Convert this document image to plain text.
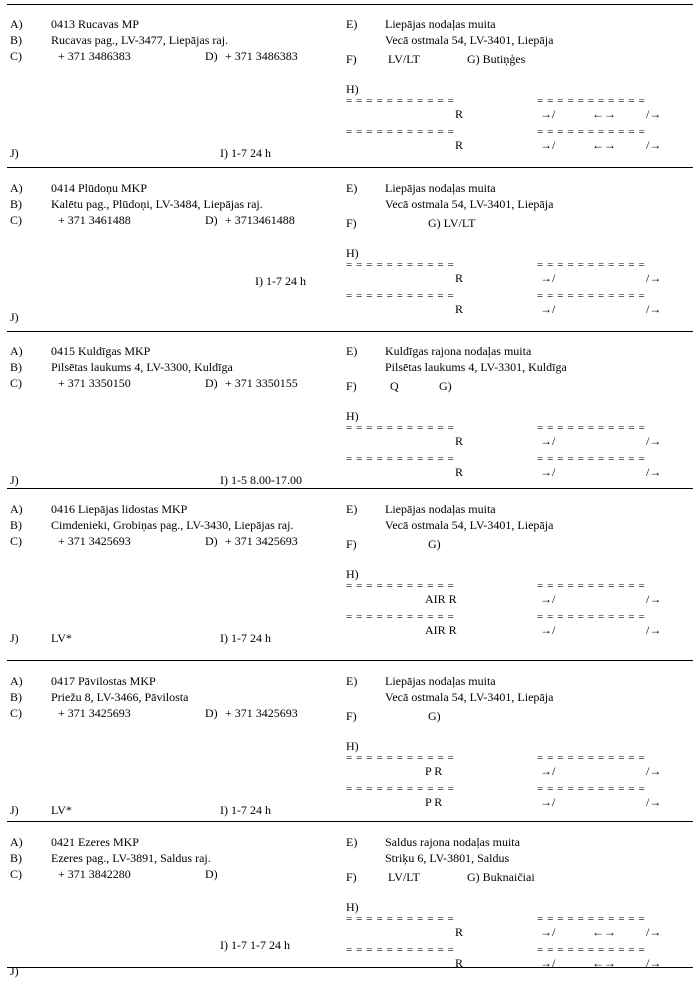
A) 0413 Rucavas MP
B) Rucavas pag., LV-3477, Liepājas raj.
C)	+ 371 3486383	D) + 371 3486383
J)	I) 1-7 24 h
E) Liepājas nodaļas muita
Vecā ostmala 54, LV-3401, Liepāja
F)	LV/LT	G) Butiņģes
H)
= = = = = = = = = = =	= = = = = = = = = = =
R	→/	←→	/→
= = = = = = = = = = =	= = = = = = = = = = =
R	→/	←→	/→
A) 0414 Plūdoņu MKP
B) Kalētu pag., Plūdoņi, LV-3484, Liepājas raj.
C)	+ 371 3461488	D) + 3713461488
J)
I) 1-7 24 h
E) Liepājas nodaļas muita
Vecā ostmala 54, LV-3401, Liepāja
F)	G) LV/LT
H)
= = = = = = = = = = =	= = = = = = = = = = =
R	→/	/→
= = = = = = = = = = =	= = = = = = = = = = =
R	→/	/→
A) 0415 Kuldīgas MKP
B) Pilsētas laukums 4, LV-3300, Kuldīga
C)	+ 371 3350150	D) + 371 3350155
J)	I) 1-5 8.00-17.00
E) Kuldīgas rajona nodaļas muita
Pilsētas laukums 4, LV-3301, Kuldīga
F)	Q	G)
H)
= = = = = = = = = = =	= = = = = = = = = = =
R	→/	/→
= = = = = = = = = = =	= = = = = = = = = = =
R	→/	/→
A) 0416 Liepājas lidostas MKP
B) Cimdenieki, Grobiņas pag., LV-3430, Liepājas raj.
C)	+ 371 3425693	D) + 371 3425693
J)	LV*	I) 1-7 24 h
E) Liepājas nodaļas muita
Vecā ostmala 54, LV-3401, Liepāja
F)	G)
H)
= = = = = = = = = = =	= = = = = = = = = = =
AIR R	→/	/→
= = = = = = = = = = =	= = = = = = = = = = =
AIR R	→/	/→
A) 0417 Pāvilostas MKP
B) Priežu 8, LV-3466, Pāvilosta
C)	+ 371 3425693	D) + 371 3425693
J)	LV*	I) 1-7 24 h
E) Liepājas nodaļas muita
Vecā ostmala 54, LV-3401, Liepāja
F)	G)
H)
= = = = = = = = = = =	= = = = = = = = = = =
P R	→/	/→
= = = = = = = = = = =	= = = = = = = = = = =
P R	→/	/→
A) 0421 Ezeres MKP
B) Ezeres pag., LV-3891, Saldus raj.
C)	+ 371 3842280	D)
J)
I) 1-7 1-7 24 h
E) Saldus rajona nodaļas muita
Striķu 6, LV-3801, Saldus
F)	LV/LT	G) Buknaičiai
H)
= = = = = = = = = = =	= = = = = = = = = = =
R	→/	←→	/→
= = = = = = = = = = =	= = = = = = = = = = =
R	→/	←→	/→
